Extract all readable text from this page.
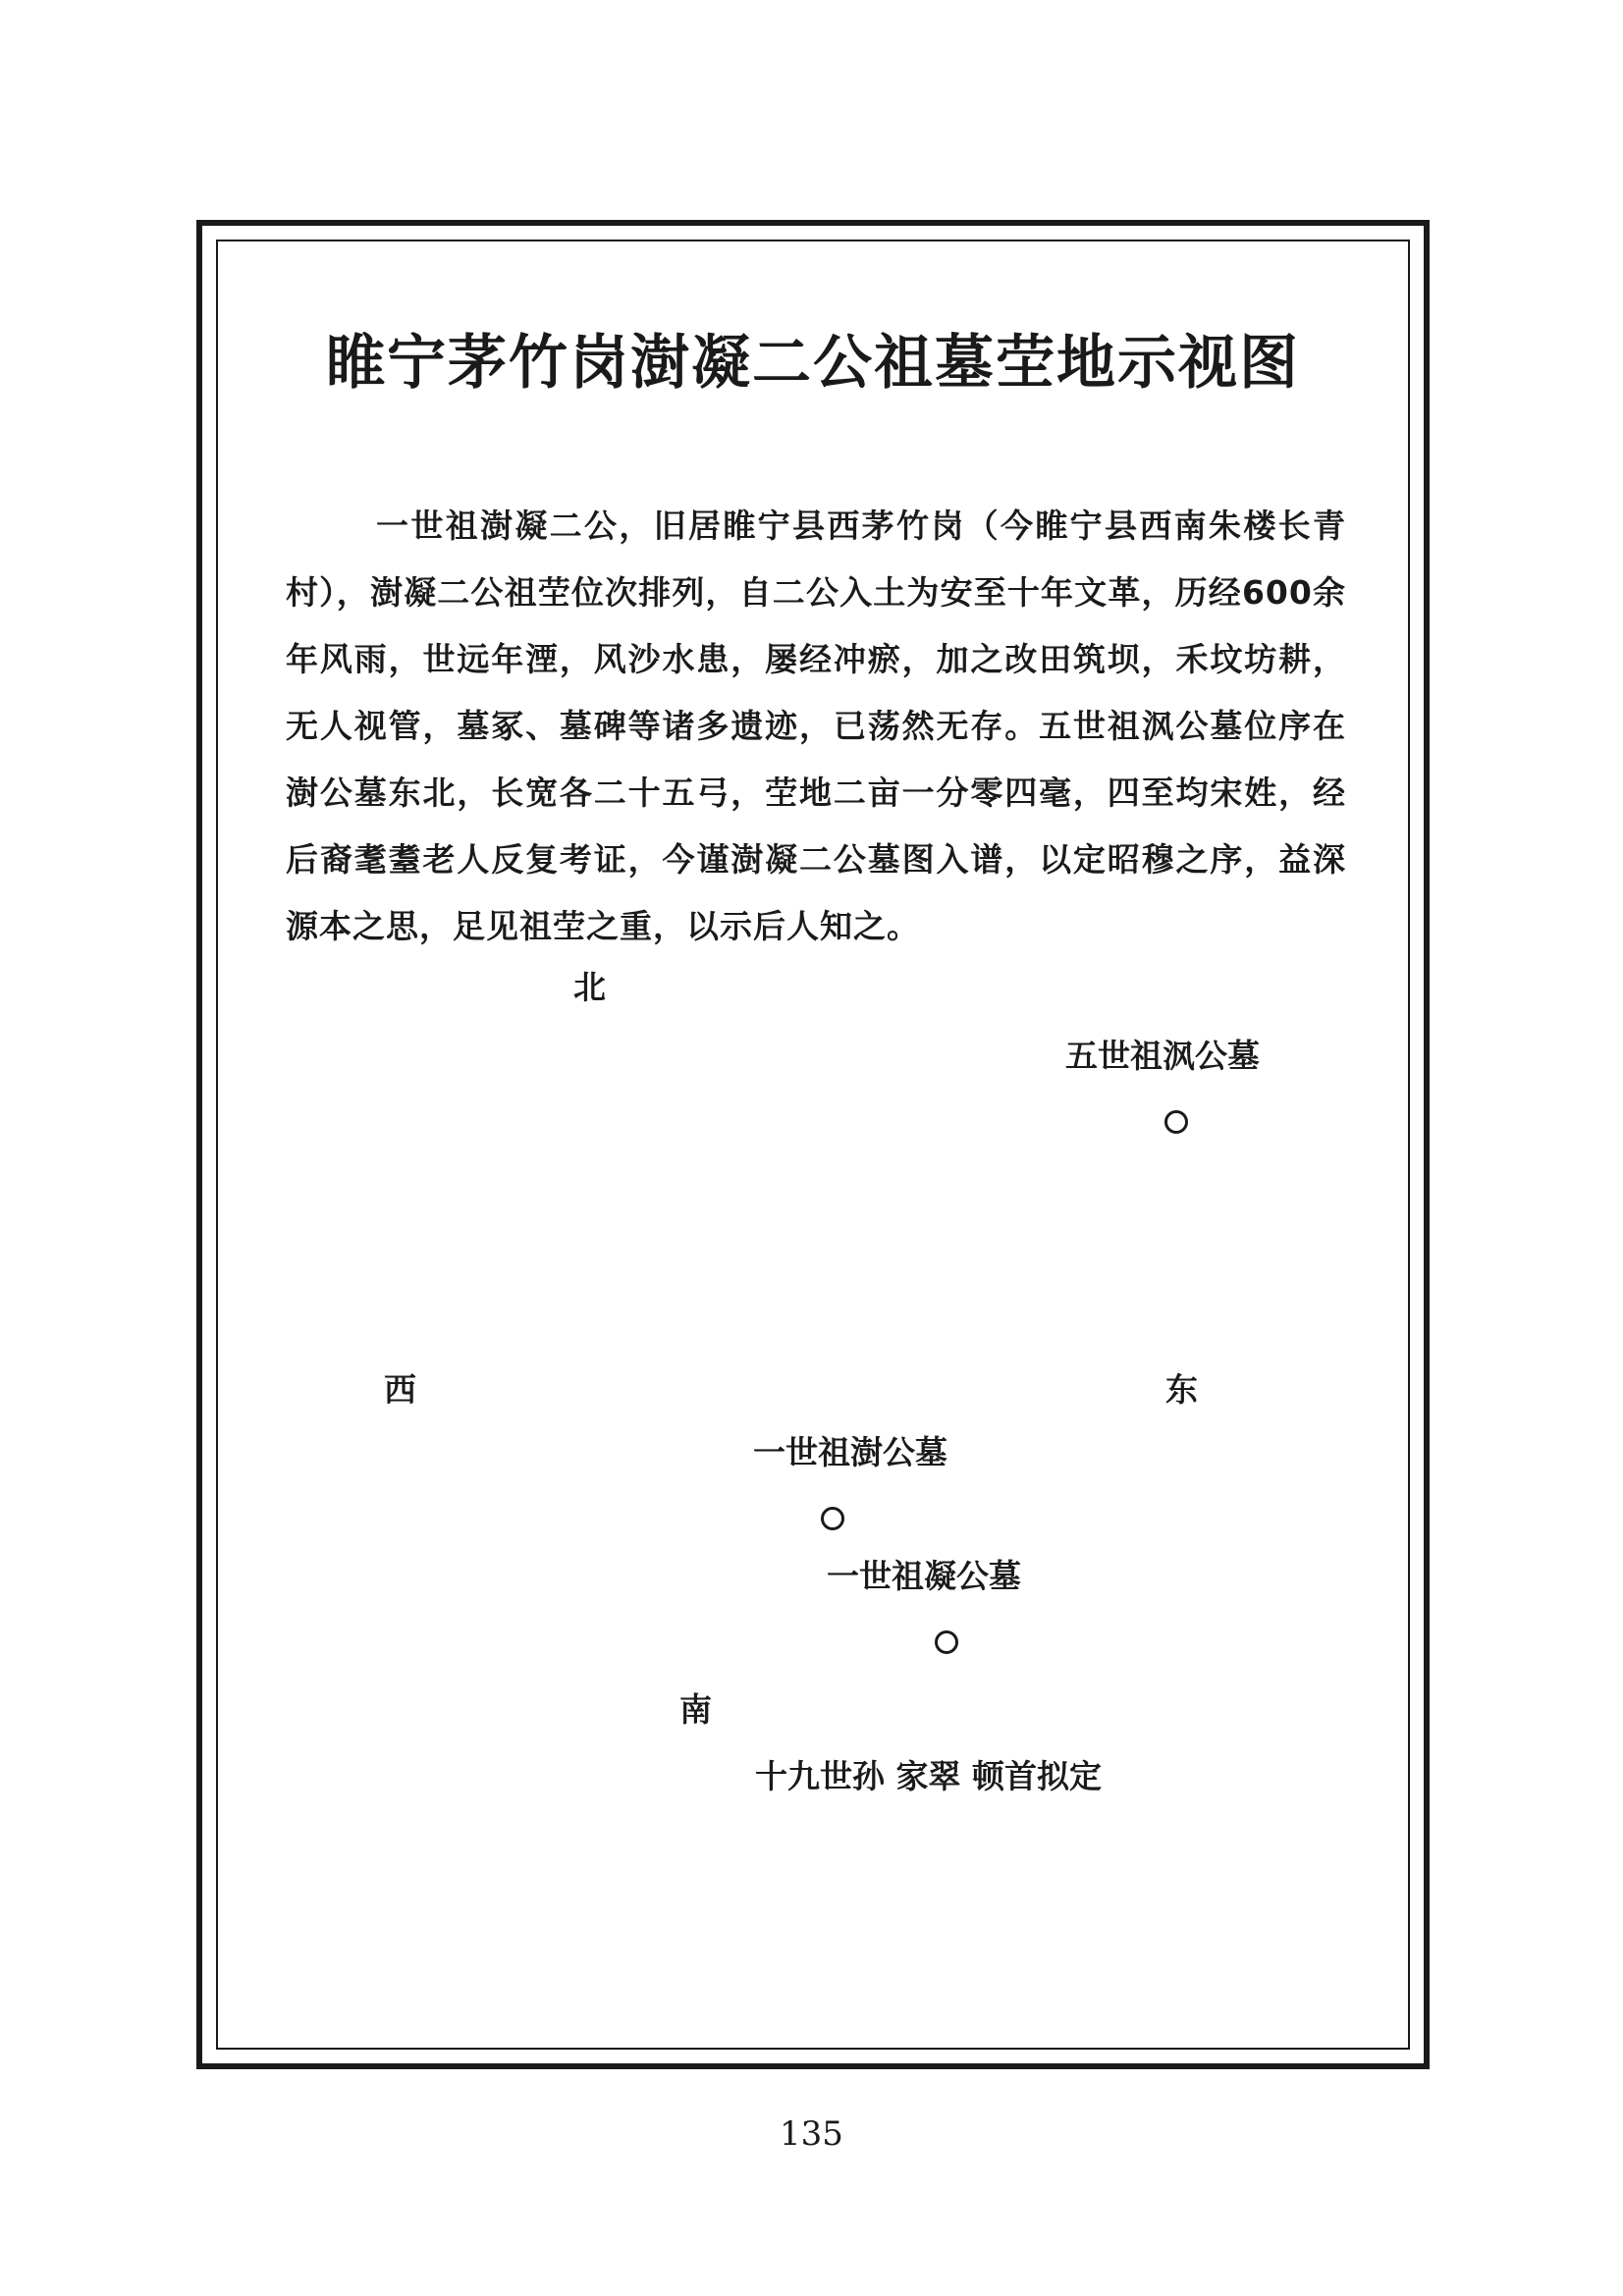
睢宁茅竹岗澍凝二公祖墓茔地示视图

一世祖澍凝二公，旧居睢宁县西茅竹岗（今睢宁县西南朱楼长青村），澍凝二公祖茔位次排列，自二公入土为安至十年文革，历经600余年风雨，世远年湮，风沙水患，屡经冲瘀，加之改田筑坝，禾坟坊耕，无人视管，墓冢、墓碑等诸多遗迹，已荡然无存。五世祖沨公墓位序在澍公墓东北，长宽各二十五弓，茔地二亩一分零四毫，四至均宋姓，经后裔耄耋老人反复考证，今谨澍凝二公墓图入谱，以定昭穆之序，益深源本之思，足见祖茔之重，以示后人知之。

北
五世祖沨公墓
西	东
一世祖澍公墓
一世祖凝公墓
南
十九世孙 家翠 顿首拟定
135
